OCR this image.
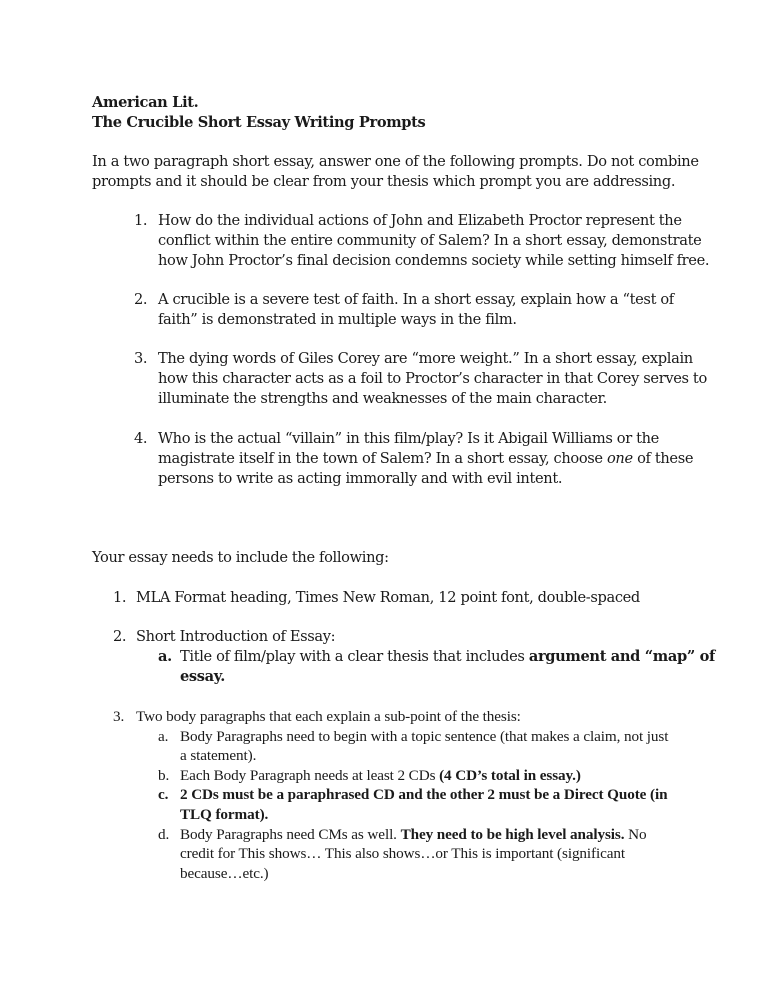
American Lit.
The Crucible Short Essay Writing Prompts
In a two paragraph short essay, answer one of the following prompts. Do not combine
prompts and it should be clear from your thesis which prompt you are addressing.
1. How do the individual actions of John and Elizabeth Proctor represent the
conflict within the entire community of Salem? In a short essay, demonstrate
how John Proctor’s final decision condemns society while setting himself free.
2. A crucible is a severe test of faith. In a short essay, explain how a “test of
faith” is demonstrated in multiple ways in the film.
3. The dying words of Giles Corey are “more weight.” In a short essay, explain
how this character acts as a foil to Proctor’s character in that Corey serves to
illuminate the strengths and weaknesses of the main character.
4. Who is the actual “villain” in this film/play? Is it Abigail Williams or the
magistrate itself in the town of Salem? In a short essay, choose one of these
persons to write as acting immorally and with evil intent.
Your essay needs to include the following:
1. MLA Format heading, Times New Roman, 12 point font, double-spaced
2. Short Introduction of Essay:
a. Title of film/play with a clear thesis that includes argument and “map” of
essay.
3. Two body paragraphs that each explain a sub-point of the thesis:
a. Body Paragraphs need to begin with a topic sentence (that makes a claim, not just
a statement).
b. Each Body Paragraph needs at least 2 CDs (4 CD’s total in essay.)
c. 2 CDs must be a paraphrased CD and the other 2 must be a Direct Quote (in
TLQ format).
d. Body Paragraphs need CMs as well. They need to be high level analysis. No
credit for This shows… This also shows…or This is important (significant
because…etc.)
